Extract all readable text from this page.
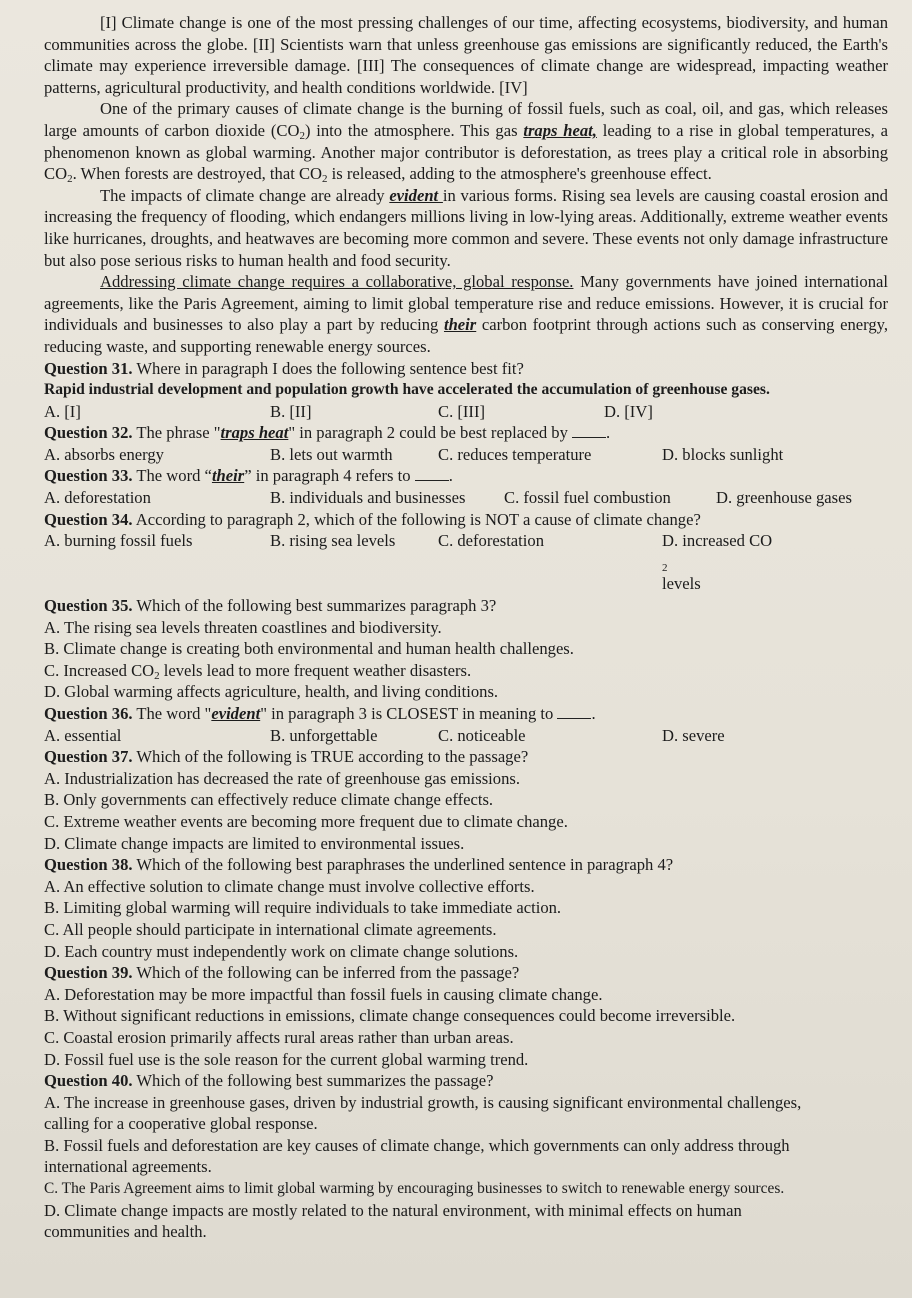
[I] Climate change is one of the most pressing challenges of our time, affecting ecosystems, biodiversity, and human communities across the globe. [II] Scientists warn that unless greenhouse gas emissions are significantly reduced, the Earth's climate may experience irreversible damage. [III] The consequences of climate change are widespread, impacting weather patterns, agricultural productivity, and health conditions worldwide. [IV]

One of the primary causes of climate change is the burning of fossil fuels, such as coal, oil, and gas, which releases large amounts of carbon dioxide $(CO_2)$ into the atmosphere. This gas traps heat, leading to a rise in global temperatures, a phenomenon known as global warming. Another major contributor is deforestation, as trees play a critical role in absorbing $CO_2$. When forests are destroyed, that $CO_2$ is released, adding to the atmosphere's greenhouse effect.

The impacts of climate change are already evident in various forms. Rising sea levels are causing coastal erosion and increasing the frequency of flooding, which endangers millions living in low-lying areas. Additionally, extreme weather events like hurricanes, droughts, and heatwaves are becoming more common and severe. These events not only damage infrastructure but also pose serious risks to human health and food security.

Addressing climate change requires a collaborative, global response. Many governments have joined international agreements, like the Paris Agreement, aiming to limit global temperature rise and reduce emissions. However, it is crucial for individuals and businesses to also play a part by reducing their carbon footprint through actions such as conserving energy, reducing waste, and supporting renewable energy sources.

Question 31. Where in paragraph I does the following sentence best fit?
Rapid industrial development and population growth have accelerated the accumulation of greenhouse gases.
A. [I]	B. [II]	C. [III]	D. [IV]
Question 32. The phrase "traps heat" in paragraph 2 could be best replaced by .
A. absorbs energy	B. lets out warmth	C. reduces temperature	D. blocks sunlight
Question 33. The word “their” in paragraph 4 refers to .
A. deforestation	B. individuals and businesses	C. fossil fuel combustion	D. greenhouse gases
Question 34. According to paragraph 2, which of the following is NOT a cause of climate change?
A. burning fossil fuels	B. rising sea levels	C. deforestation	D. increased CO
$_2$
levels
Question 35. Which of the following best summarizes paragraph 3?
A. The rising sea levels threaten coastlines and biodiversity.
B. Climate change is creating both environmental and human health challenges.
C. Increased $CO_2$ levels lead to more frequent weather disasters.
D. Global warming affects agriculture, health, and living conditions.
Question 36. The word "evident" in paragraph 3 is CLOSEST in meaning to .
A. essential	B. unforgettable	C. noticeable	D. severe
Question 37. Which of the following is TRUE according to the passage?
A. Industrialization has decreased the rate of greenhouse gas emissions.
B. Only governments can effectively reduce climate change effects.
C. Extreme weather events are becoming more frequent due to climate change.
D. Climate change impacts are limited to environmental issues.
Question 38. Which of the following best paraphrases the underlined sentence in paragraph 4?
A. An effective solution to climate change must involve collective efforts.
B. Limiting global warming will require individuals to take immediate action.
C. All people should participate in international climate agreements.
D. Each country must independently work on climate change solutions.
Question 39. Which of the following can be inferred from the passage?
A. Deforestation may be more impactful than fossil fuels in causing climate change.
B. Without significant reductions in emissions, climate change consequences could become irreversible.
C. Coastal erosion primarily affects rural areas rather than urban areas.
D. Fossil fuel use is the sole reason for the current global warming trend.
Question 40. Which of the following best summarizes the passage?
A. The increase in greenhouse gases, driven by industrial growth, is causing significant environmental challenges, calling for a cooperative global response.
B. Fossil fuels and deforestation are key causes of climate change, which governments can only address through international agreements.
C. The Paris Agreement aims to limit global warming by encouraging businesses to switch to renewable energy sources.
D. Climate change impacts are mostly related to the natural environment, with minimal effects on human communities and health.
